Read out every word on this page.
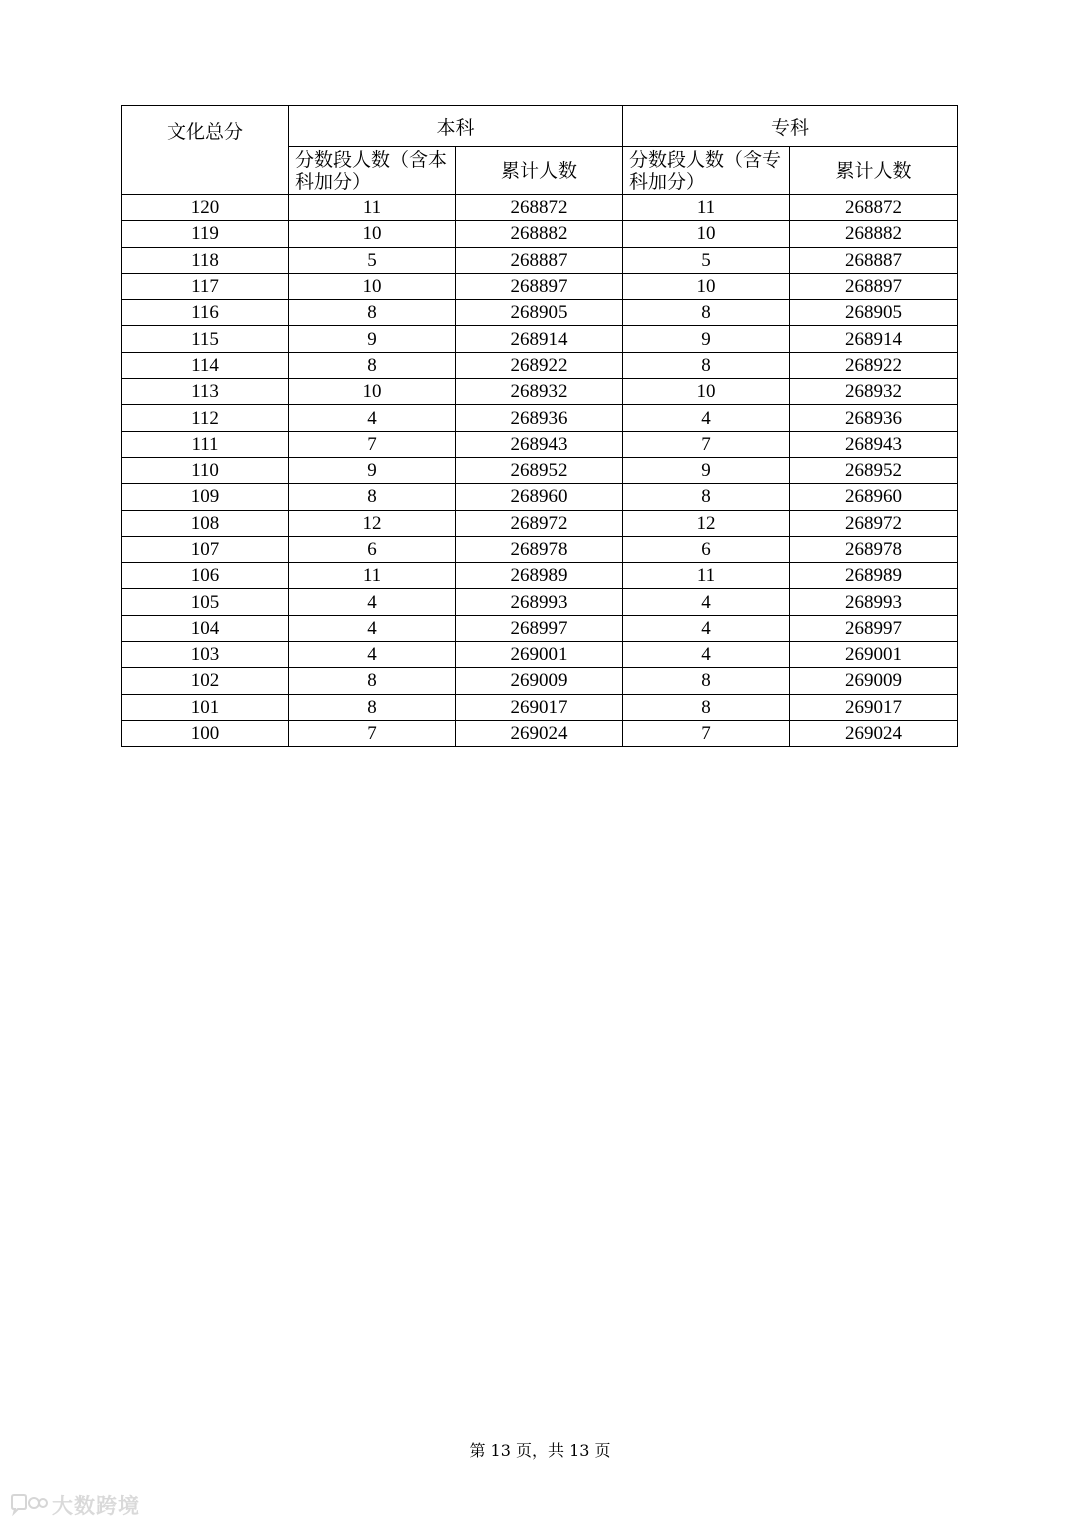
文化总分	本科		专科	
	分数段人数（含本科加分）	累计人数	分数段人数（含专科加分）	累计人数
120	11	268872	11	268872
119	10	268882	10	268882
118	5	268887	5	268887
117	10	268897	10	268897
116	8	268905	8	268905
115	9	268914	9	268914
114	8	268922	8	268922
113	10	268932	10	268932
112	4	268936	4	268936
111	7	268943	7	268943
110	9	268952	9	268952
109	8	268960	8	268960
108	12	268972	12	268972
107	6	268978	6	268978
106	11	268989	11	268989
105	4	268993	4	268993
104	4	268997	4	268997
103	4	269001	4	269001
102	8	269009	8	269009
101	8	269017	8	269017
100	7	269024	7	269024
第 13 页，共 13 页
大数跨境
